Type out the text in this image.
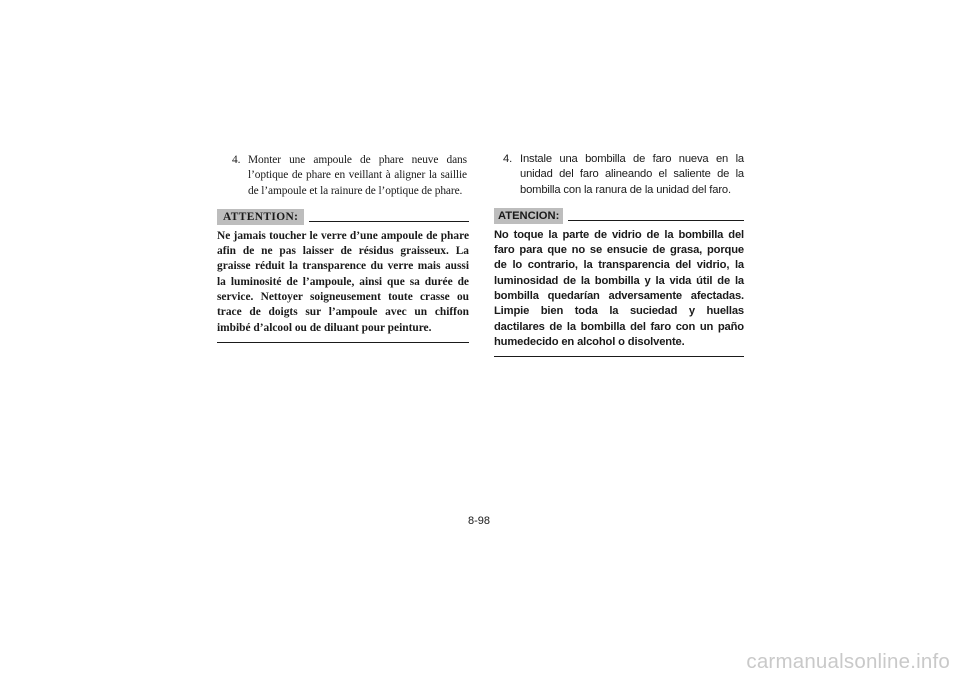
4. Monter une ampoule de phare neuve dans l’optique de phare en veillant à aligner la saillie de l’ampoule et la rainure de l’optique de phare.
ATTENTION:
Ne jamais toucher le verre d’une ampoule de phare afin de ne pas laisser de résidus graisseux. La graisse réduit la transparence du verre mais aussi la luminosité de l’ampoule, ainsi que sa durée de service. Nettoyer soigneusement toute crasse ou trace de doigts sur l’ampoule avec un chiffon imbibé d’alcool ou de diluant pour peinture.
4. Instale una bombilla de faro nueva en la unidad del faro alineando el saliente de la bombilla con la ranura de la unidad del faro.
ATENCION:
No toque la parte de vidrio de la bombilla del faro para que no se ensucie de grasa, porque de lo contrario, la transparencia del vidrio, la luminosidad de la bombilla y la vida útil de la bombilla quedarían adversamente afectadas. Limpie bien toda la suciedad y huellas dactilares de la bombilla del faro con un paño humedecido en alcohol o disolvente.
8-98
carmanualsonline.info
